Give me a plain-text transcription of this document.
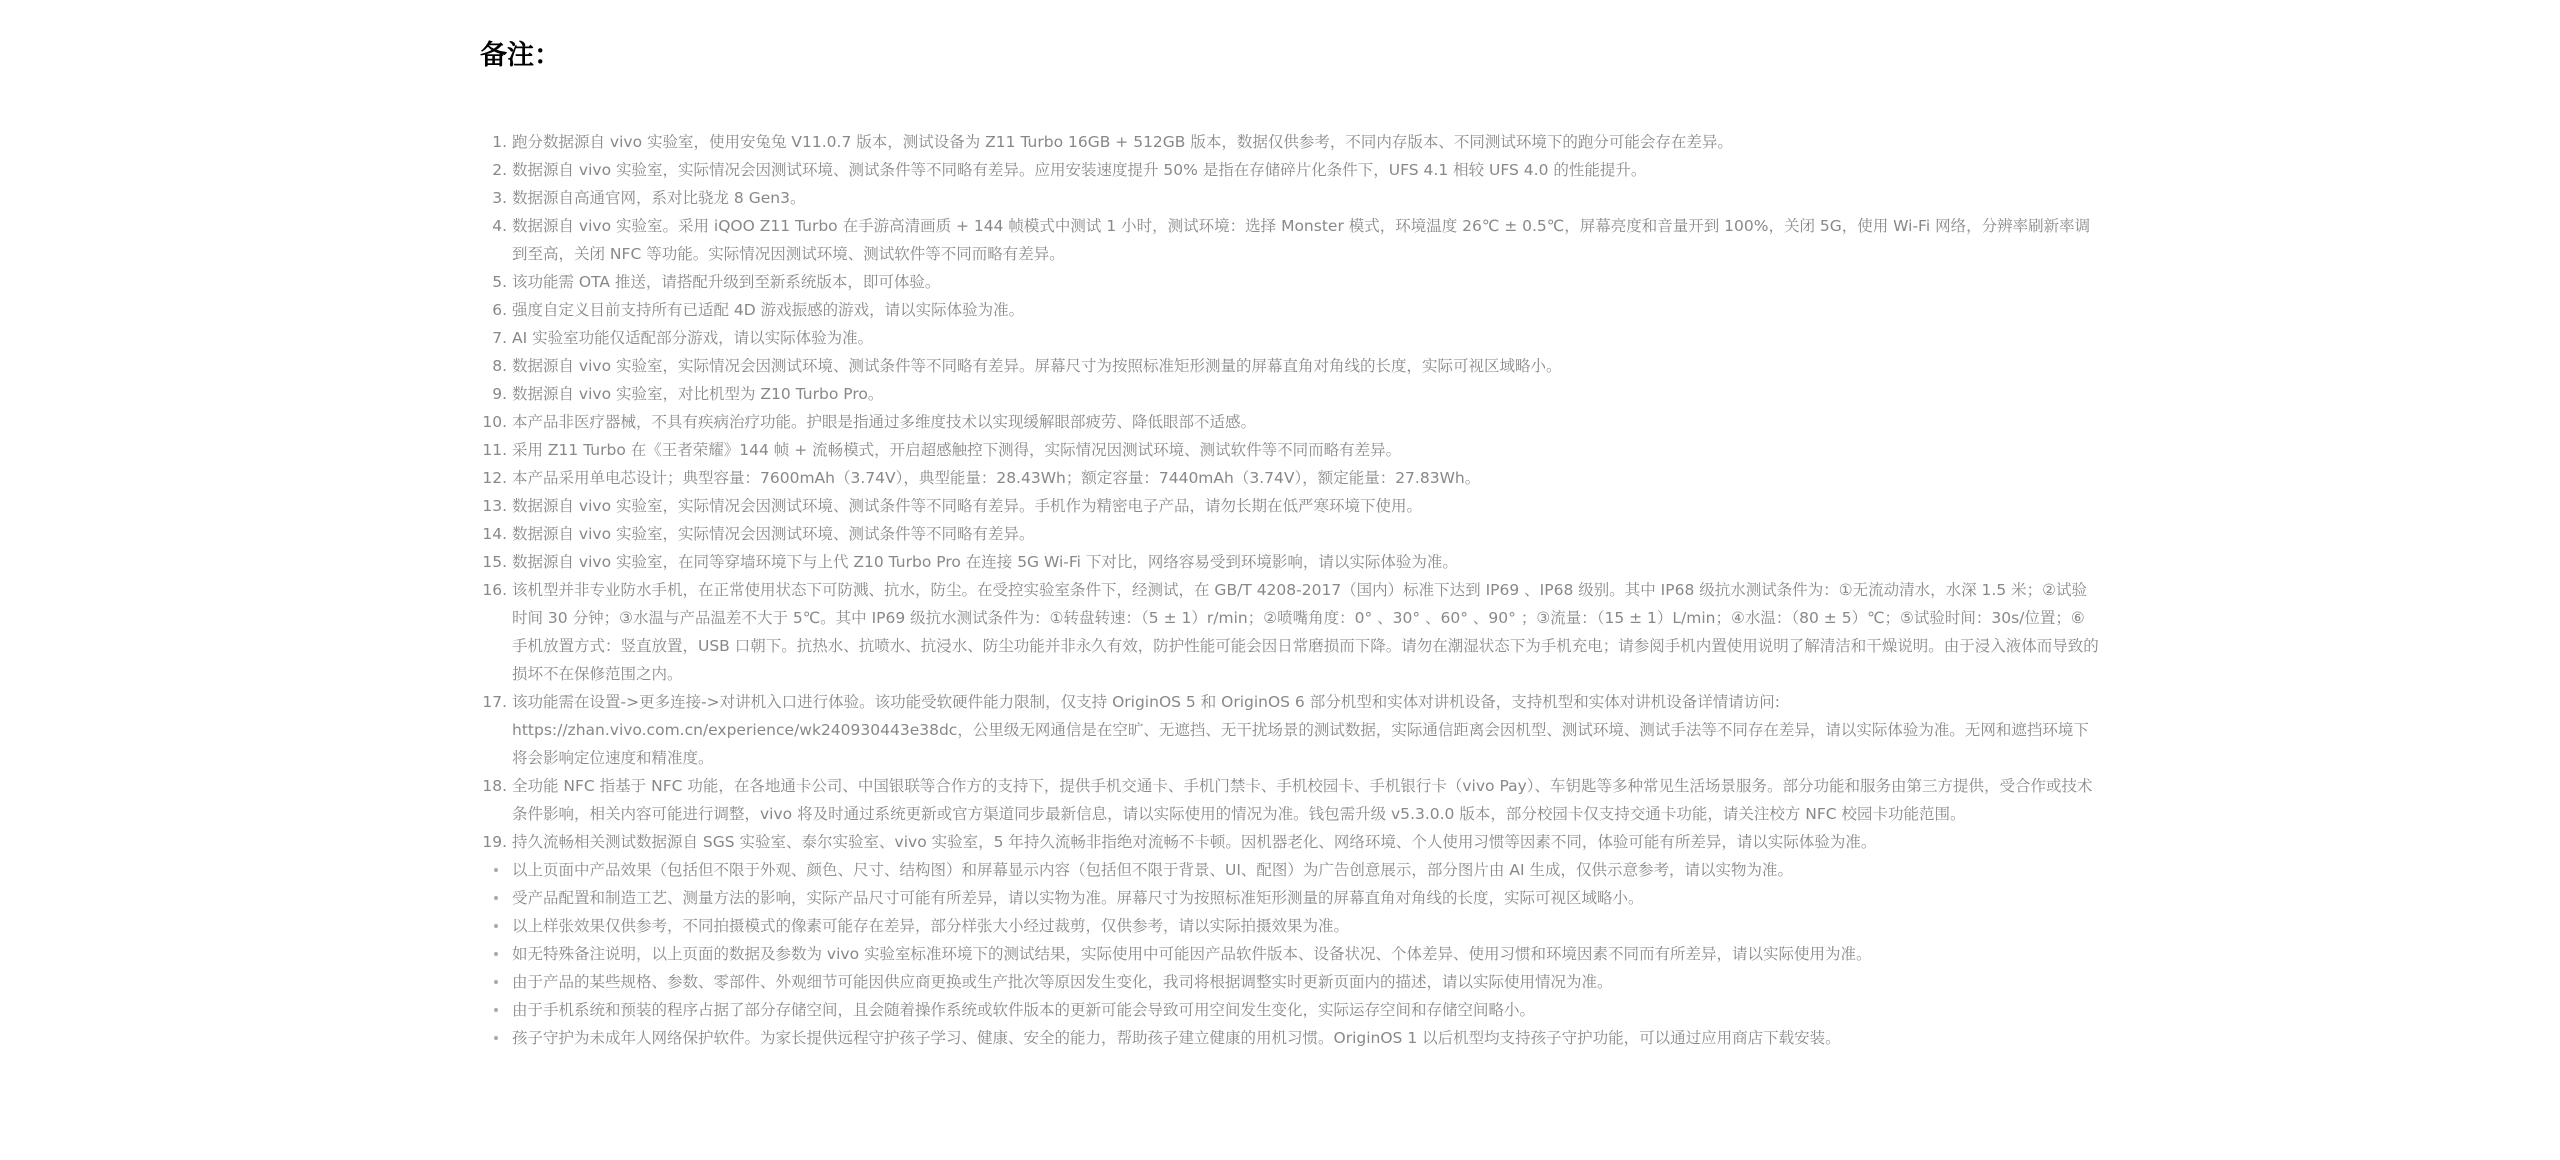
备注：
1. 跑分数据源自 vivo 实验室，使用安兔兔 V11.0.7 版本，测试设备为 Z11 Turbo 16GB + 512GB 版本，数据仅供参考，不同内存版本、不同测试环境下的跑分可能会存在差异。
2. 数据源自 vivo 实验室，实际情况会因测试环境、测试条件等不同略有差异。应用安装速度提升 50% 是指在存储碎片化条件下，UFS 4.1 相较 UFS 4.0 的性能提升。
3. 数据源自高通官网，系对比骁龙 8 Gen3。
4. 数据源自 vivo 实验室。采用 iQOO Z11 Turbo 在手游高清画质 + 144 帧模式中测试 1 小时，测试环境：选择 Monster 模式，环境温度 26℃ ± 0.5℃，屏幕亮度和音量开到 100%，关闭 5G，使用 Wi-Fi 网络，分辨率刷新率调到至高，关闭 NFC 等功能。实际情况因测试环境、测试软件等不同而略有差异。
5. 该功能需 OTA 推送，请搭配升级到至新系统版本，即可体验。
6. 强度自定义目前支持所有已适配 4D 游戏振感的游戏，请以实际体验为准。
7. AI 实验室功能仅适配部分游戏，请以实际体验为准。
8. 数据源自 vivo 实验室，实际情况会因测试环境、测试条件等不同略有差异。屏幕尺寸为按照标准矩形测量的屏幕直角对角线的长度，实际可视区域略小。
9. 数据源自 vivo 实验室，对比机型为 Z10 Turbo Pro。
10. 本产品非医疗器械，不具有疾病治疗功能。护眼是指通过多维度技术以实现缓解眼部疲劳、降低眼部不适感。
11. 采用 Z11 Turbo 在《王者荣耀》144 帧 + 流畅模式，开启超感触控下测得，实际情况因测试环境、测试软件等不同而略有差异。
12. 本产品采用单电芯设计；典型容量：7600mAh（3.74V），典型能量：28.43Wh；额定容量：7440mAh（3.74V），额定能量：27.83Wh。
13. 数据源自 vivo 实验室，实际情况会因测试环境、测试条件等不同略有差异。手机作为精密电子产品，请勿长期在低严寒环境下使用。
14. 数据源自 vivo 实验室，实际情况会因测试环境、测试条件等不同略有差异。
15. 数据源自 vivo 实验室，在同等穿墙环境下与上代 Z10 Turbo Pro 在连接 5G Wi-Fi 下对比，网络容易受到环境影响，请以实际体验为准。
16. 该机型并非专业防水手机，在正常使用状态下可防溅、抗水，防尘。在受控实验室条件下，经测试，在 GB/T 4208-2017（国内）标准下达到 IP69 、IP68 级别。其中 IP68 级抗水测试条件为：①无流动清水，水深 1.5 米；②试验时间 30 分钟；③水温与产品温差不大于 5℃。其中 IP69 级抗水测试条件为：①转盘转速：（5 ± 1）r/min；②喷嘴角度：0° 、30° 、60° 、90° ；③流量：（15 ± 1）L/min；④水温：（80 ± 5）℃；⑤试验时间：30s/位置；⑥手机放置方式：竖直放置，USB 口朝下。抗热水、抗喷水、抗浸水、防尘功能并非永久有效，防护性能可能会因日常磨损而下降。请勿在潮湿状态下为手机充电；请参阅手机内置使用说明了解清洁和干燥说明。由于浸入液体而导致的损坏不在保修范围之内。
17. 该功能需在设置->更多连接->对讲机入口进行体验。该功能受软硬件能力限制，仅支持 OriginOS 5 和 OriginOS 6 部分机型和实体对讲机设备，支持机型和实体对讲机设备详情请访问: https://zhan.vivo.com.cn/experience/wk240930443e38dc，公里级无网通信是在空旷、无遮挡、无干扰场景的测试数据，实际通信距离会因机型、测试环境、测试手法等不同存在差异，请以实际体验为准。无网和遮挡环境下将会影响定位速度和精准度。
18. 全功能 NFC 指基于 NFC 功能，在各地通卡公司、中国银联等合作方的支持下，提供手机交通卡、手机门禁卡、手机校园卡、手机银行卡（vivo Pay）、车钥匙等多种常见生活场景服务。部分功能和服务由第三方提供，受合作或技术条件影响，相关内容可能进行调整，vivo 将及时通过系统更新或官方渠道同步最新信息，请以实际使用的情况为准。钱包需升级 v5.3.0.0 版本，部分校园卡仅支持交通卡功能，请关注校方 NFC 校园卡功能范围。
19. 持久流畅相关测试数据源自 SGS 实验室、泰尔实验室、vivo 实验室，5 年持久流畅非指绝对流畅不卡顿。因机器老化、网络环境、个人使用习惯等因素不同，体验可能有所差异，请以实际体验为准。
以上页面中产品效果（包括但不限于外观、颜色、尺寸、结构图）和屏幕显示内容（包括但不限于背景、UI、配图）为广告创意展示，部分图片由 AI 生成，仅供示意参考，请以实物为准。
受产品配置和制造工艺、测量方法的影响，实际产品尺寸可能有所差异，请以实物为准。屏幕尺寸为按照标准矩形测量的屏幕直角对角线的长度，实际可视区域略小。
以上样张效果仅供参考，不同拍摄模式的像素可能存在差异，部分样张大小经过裁剪，仅供参考，请以实际拍摄效果为准。
如无特殊备注说明，以上页面的数据及参数为 vivo 实验室标准环境下的测试结果，实际使用中可能因产品软件版本、设备状况、个体差异、使用习惯和环境因素不同而有所差异，请以实际使用为准。
由于产品的某些规格、参数、零部件、外观细节可能因供应商更换或生产批次等原因发生变化，我司将根据调整实时更新页面内的描述，请以实际使用情况为准。
由于手机系统和预装的程序占据了部分存储空间，且会随着操作系统或软件版本的更新可能会导致可用空间发生变化，实际运存空间和存储空间略小。
孩子守护为未成年人网络保护软件。为家长提供远程守护孩子学习、健康、安全的能力，帮助孩子建立健康的用机习惯。OriginOS 1 以后机型均支持孩子守护功能，可以通过应用商店下载安装。
